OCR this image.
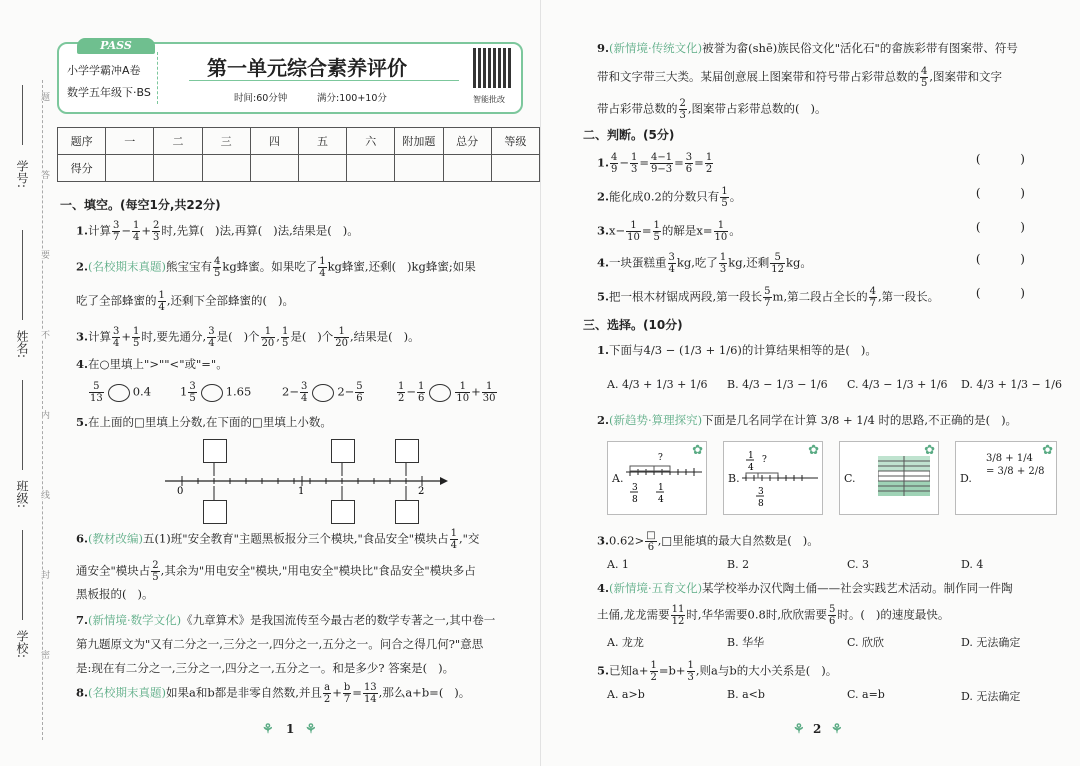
学号:
姓名:
班级:
学校:
题
答
要
不
内
线
封
密
PASS
小学学霸冲A卷
数学五年级下·BS
第一单元综合素养评价
时间:60分钟	满分:100+10分	智能批改
题序	一	二	三	四	五	六	附加题	总分	等级
得分									
一、填空。(每空1分,共22分)
1.计算 $\frac{3}{7} - \frac{1}{4} + \frac{2}{3}$ 时,先算( )法,再算( )法,结果是( )。
2.(名校期末真题)熊宝宝有 $\frac{4}{5}$ kg蜂蜜。如果吃了 $\frac{1}{4}$ kg蜂蜜,还剩( )kg蜂蜜;如果
吃了全部蜂蜜的 $\frac{1}{4}$ ,还剩下全部蜂蜜的( )。
3.计算 $\frac{3}{4} + \frac{1}{5}$ 时,要先通分, $\frac{3}{4}$ 是( )个 $\frac{1}{20}$ , $\frac{1}{5}$ 是( )个 $\frac{1}{20}$ ,结果是( )。
4.在○里填上">""<"或"="。
$\frac{5}{13}$	0.4	$1 \frac{3}{5}$	1.65	$2- \frac{3}{4}$	$2- \frac{5}{6}$	$\frac{1}{2} - \frac{1}{6}$	$\frac{1}{10} + \frac{1}{30}$
5.在上面的□里填上分数,在下面的□里填上小数。
0	1	2
6.(教材改编)五(1)班"安全教育"主题黑板报分三个模块,"食品安全"模块占 $\frac{1}{4}$ ,"交
通安全"模块占 $\frac{2}{5}$ ,其余为"用电安全"模块,"用电安全"模块比"食品安全"模块多占
黑板报的( )。
7.(新情境·数学文化)《九章算术》是我国流传至今最古老的数学专著之一,其中卷一
第九题原文为"又有二分之一,三分之一,四分之一,五分之一。问合之得几何?"意思
是:现在有二分之一,三分之一,四分之一,五分之一。和是多少? 答案是( )。
8.(名校期末真题)如果a和b都是非零自然数,并且 $\frac{a}{2} + \frac{b}{7} = \frac{13}{14}$ ,那么a+b=( )。
⚘ 1 ⚘
9.(新情境·传统文化)被誉为畲(shē)族民俗文化"活化石"的畲族彩带有图案带、符号
带和文字带三大类。某届创意展上图案带和符号带占彩带总数的 $\frac{4}{5}$ ,图案带和文字
带占彩带总数的 $\frac{2}{3}$ ,图案带占彩带总数的( )。
二、判断。(5分)
1. $\frac{4}{9} - \frac{1}{3} = \frac{4-1}{9-3} = \frac{3}{6} = \frac{1}{2}$	( )
2.能化成0.2的分数只有 $\frac{1}{5}$ 。	( )
$3.x- \frac{1}{10} = \frac{1}{5}$ 的解是$x= \frac{1}{10}$ 。	( )
4.一块蛋糕重 $\frac{3}{4}$ kg,吃了 $\frac{1}{3}$ kg,还剩 $\frac{5}{12}$ kg。	( )
5.把一根木材锯成两段,第一段长 $\frac{5}{7} m$,第二段占全长的 $\frac{4}{7}$ ,第一段长。	( )
三、选择。(10分)
1.下面与4/3 − (1/3 + 1/6)的计算结果相等的是( )。
A. 4/3 + 1/3 + 1/6 B. 4/3 − 1/3 − 1/6 C. 4/3 − 1/3 + 1/6 D. 4/3 + 1/3 − 1/6
2.(新趋势·算理探究)下面是几名同学在计算 3/8 + 1/4 时的思路,不正确的是( )。
A.
?
3
8
1
4
✿
B.
1
4
?
3
8
✿
C.
✿
D.
3/8 + 1/4
= 3/8 + 2/8
✿
$3.0.62> \frac{□}{6}$ ,□里能填的最大自然数是( )。
A. 1	B. 2	C. 3	D. 4
4.(新情境·五育文化)某学校举办汉代陶土俑——社会实践艺术活动。制作同一件陶
土俑,龙龙需要 $\frac{11}{12}$ 时,华华需要0.8时,欣欣需要 $\frac{5}{6}$ 时。( )的速度最快。
A. 龙龙	B. 华华	C. 欣欣	D. 无法确定
5.已知$a+ \frac{1}{2} =b+ \frac{1}{3}$ ,则a与b的大小关系是( )。
A. a>b	B. a<b	C. a=b	D. 无法确定
⚘ 2 ⚘
